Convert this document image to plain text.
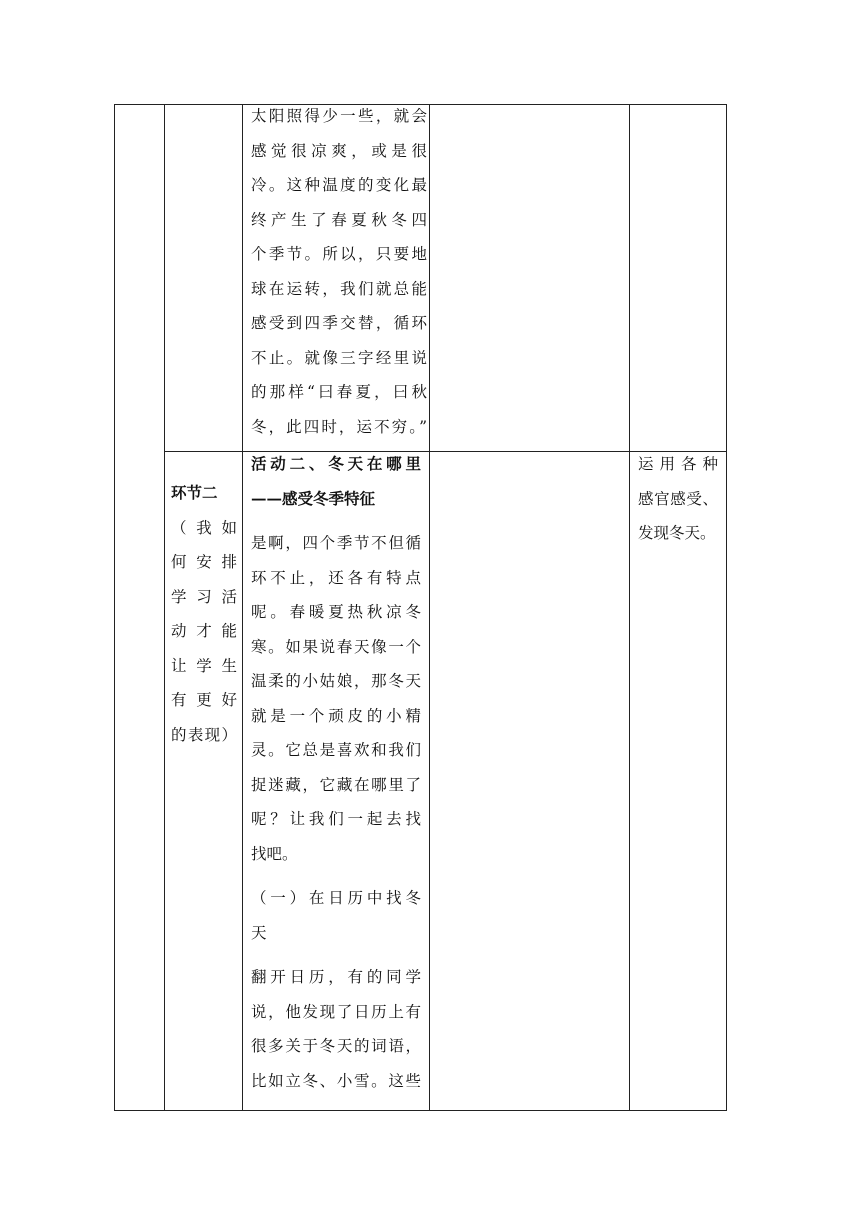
太阳照得少一些，就会
感觉很凉爽，或是很
冷。这种温度的变化最
终产生了春夏秋冬四
个季节。所以，只要地
球在运转，我们就总能
感受到四季交替，循环
不止。就像三字经里说
的那样“曰春夏，曰秋
冬，此四时，运不穷。”
环节二
（我如
何安排
学习活
动才能
让学生
有更好
的表现）
活动二、冬天在哪里
——感受冬季特征
是啊，四个季节不但循
环不止，还各有特点
呢。春暖夏热秋凉冬
寒。如果说春天像一个
温柔的小姑娘，那冬天
就是一个顽皮的小精
灵。它总是喜欢和我们
捉迷藏，它藏在哪里了
呢？让我们一起去找
找吧。
（一）在日历中找冬
天
翻开日历，有的同学
说，他发现了日历上有
很多关于冬天的词语，
比如立冬、小雪。这些
运用各种
感官感受、
发现冬天。
